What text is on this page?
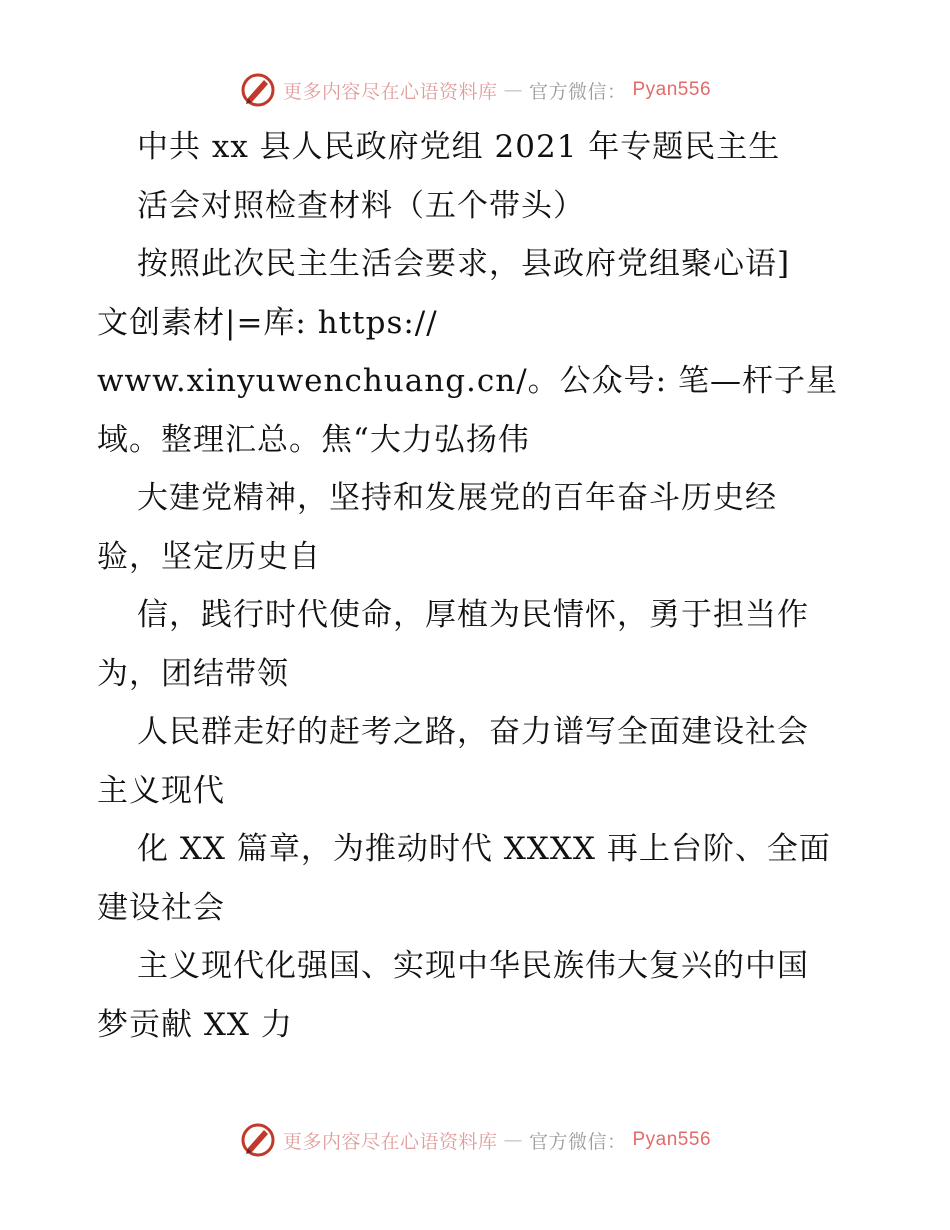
更多内容尽在心语资料库 — 官方微信： Pyan556
中共 xx 县人民政府党组 2021 年专题民主生
活会对照检查材料（五个带头）
按照此次民主生活会要求，县政府党组聚心语]
文创素材|=库: https://
www.xinyuwenchuang.cn/。公众号: 笔—杆子星
域。整理汇总。焦“大力弘扬伟
大建党精神，坚持和发展党的百年奋斗历史经
验，坚定历史自
信，践行时代使命，厚植为民情怀，勇于担当作
为，团结带领
人民群走好的赶考之路，奋力谱写全面建设社会
主义现代
化 XX 篇章，为推动时代 XXXX 再上台阶、全面
建设社会
主义现代化强国、实现中华民族伟大复兴的中国
梦贡献 XX 力
更多内容尽在心语资料库 — 官方微信： Pyan556
